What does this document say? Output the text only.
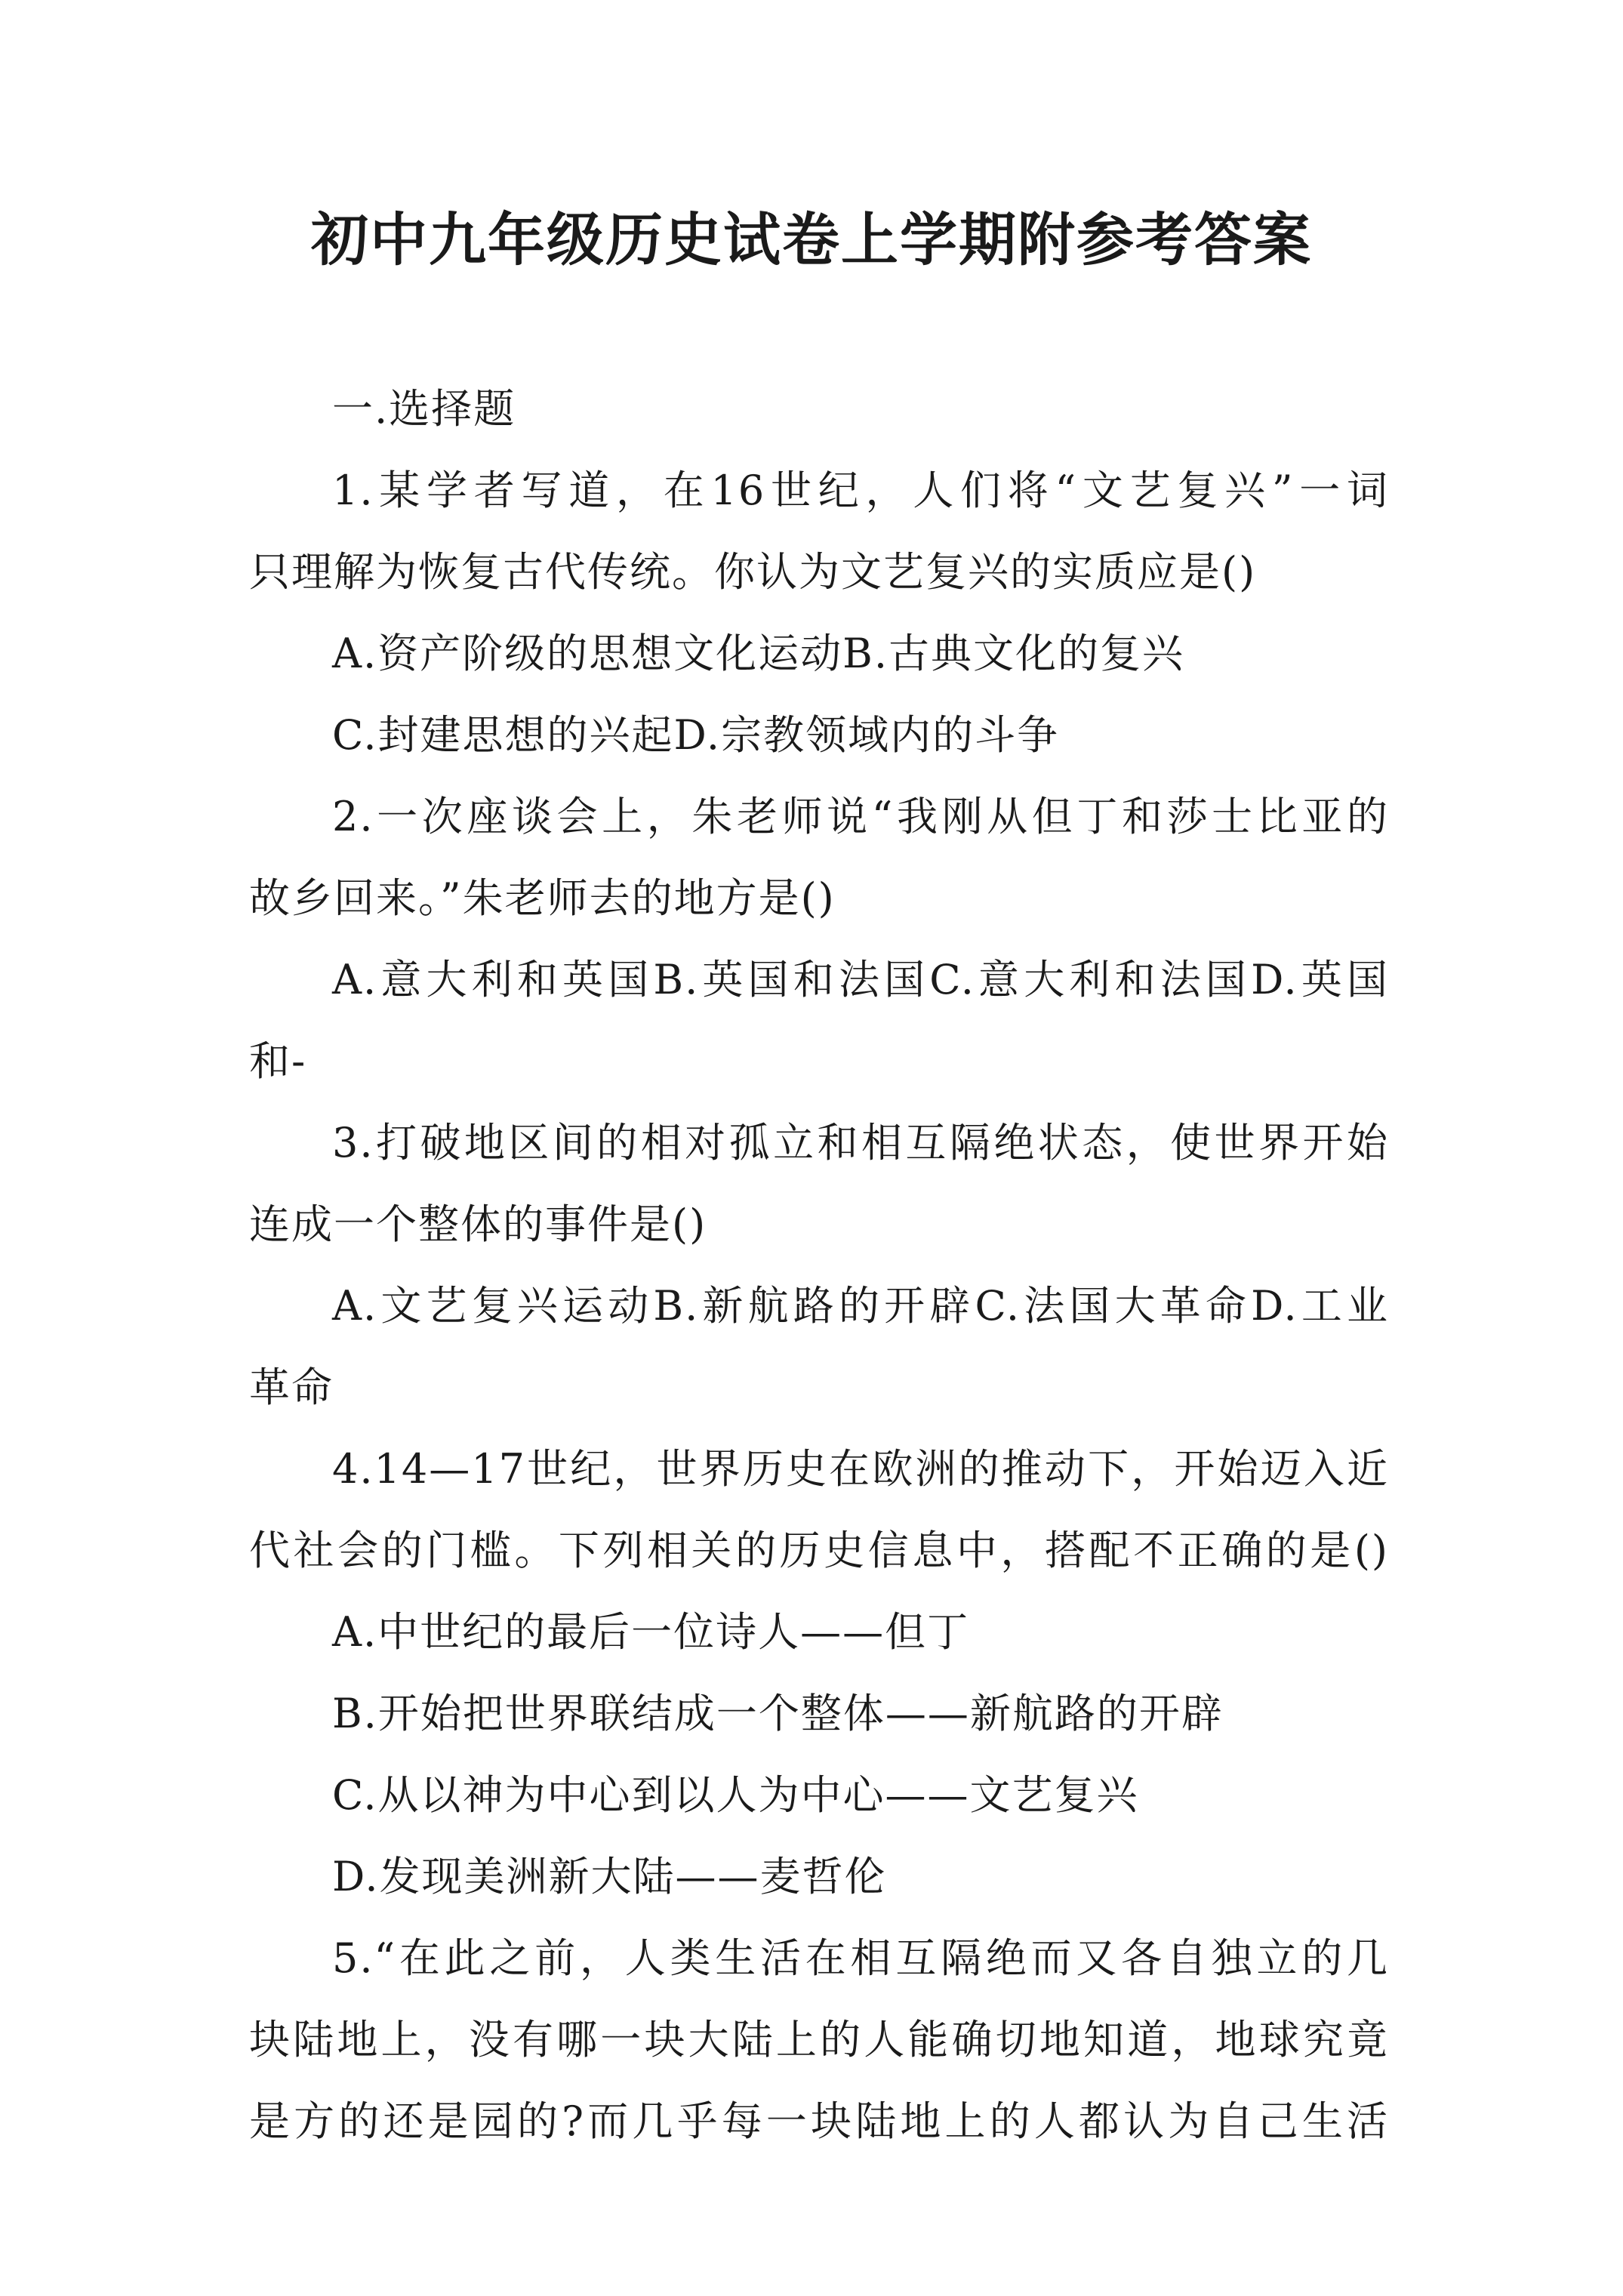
初中九年级历史试卷上学期附参考答案
一.选择题
1.某学者写道，在16世纪，人们将“文艺复兴”一词
只理解为恢复古代传统。你认为文艺复兴的实质应是()
A.资产阶级的思想文化运动B.古典文化的复兴
C.封建思想的兴起D.宗教领域内的斗争
2.一次座谈会上，朱老师说“我刚从但丁和莎士比亚的
故乡回来。”朱老师去的地方是()
A.意大利和英国B.英国和法国C.意大利和法国D.英国
和-
3.打破地区间的相对孤立和相互隔绝状态，使世界开始
连成一个整体的事件是()
A.文艺复兴运动B.新航路的开辟C.法国大革命D.工业
革命
4.14—17世纪，世界历史在欧洲的推动下，开始迈入近
代社会的门槛。下列相关的历史信息中，搭配不正确的是()
A.中世纪的最后一位诗人——但丁
B.开始把世界联结成一个整体——新航路的开辟
C.从以神为中心到以人为中心——文艺复兴
D.发现美洲新大陆——麦哲伦
5.“在此之前，人类生活在相互隔绝而又各自独立的几
块陆地上，没有哪一块大陆上的人能确切地知道，地球究竟
是方的还是园的?而几乎每一块陆地上的人都认为自己生活
